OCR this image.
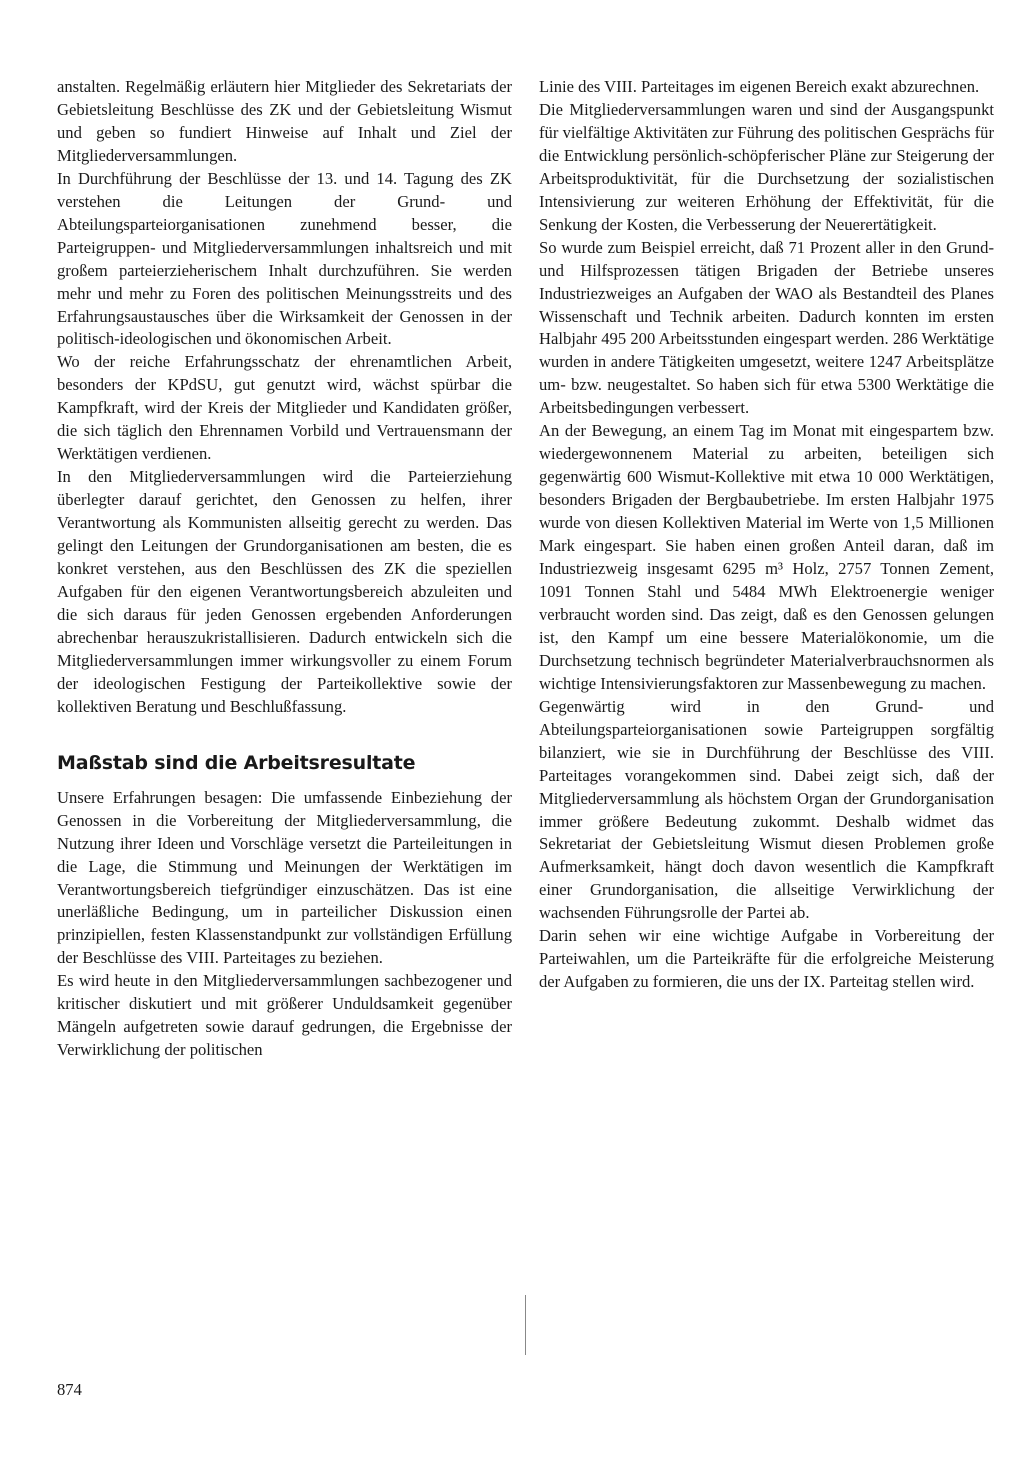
anstalten. Regelmäßig erläutern hier Mitglieder des Sekretariats der Gebietsleitung Beschlüsse des ZK und der Gebietsleitung Wismut und geben so fundiert Hinweise auf Inhalt und Ziel der Mitgliederversammlungen.

In Durchführung der Beschlüsse der 13. und 14. Tagung des ZK verstehen die Leitungen der Grund- und Abteilungsparteiorganisationen zunehmend besser, die Parteigruppen- und Mitgliederversammlungen inhaltsreich und mit großem parteierzieherischem Inhalt durchzuführen. Sie werden mehr und mehr zu Foren des politischen Meinungsstreits und des Erfahrungsaustausches über die Wirksamkeit der Genossen in der politisch-ideologischen und ökonomischen Arbeit.

Wo der reiche Erfahrungsschatz der ehrenamtlichen Arbeit, besonders der KPdSU, gut genutzt wird, wächst spürbar die Kampfkraft, wird der Kreis der Mitglieder und Kandidaten größer, die sich täglich den Ehrennamen Vorbild und Vertrauensmann der Werktätigen verdienen.

In den Mitgliederversammlungen wird die Parteierziehung überlegter darauf gerichtet, den Genossen zu helfen, ihrer Verantwortung als Kommunisten allseitig gerecht zu werden. Das gelingt den Leitungen der Grundorganisationen am besten, die es konkret verstehen, aus den Beschlüssen des ZK die speziellen Aufgaben für den eigenen Verantwortungsbereich abzuleiten und die sich daraus für jeden Genossen ergebenden Anforderungen abrechenbar herauszukristallisieren. Dadurch entwickeln sich die Mitgliederversammlungen immer wirkungsvoller zu einem Forum der ideologischen Festigung der Parteikollektive sowie der kollektiven Beratung und Beschlußfassung.

Maßstab sind die Arbeitsresultate

Unsere Erfahrungen besagen: Die umfassende Einbeziehung der Genossen in die Vorbereitung der Mitgliederversammlung, die Nutzung ihrer Ideen und Vorschläge versetzt die Parteileitungen in die Lage, die Stimmung und Meinungen der Werktätigen im Verantwortungsbereich tiefgründiger einzuschätzen. Das ist eine unerläßliche Bedingung, um in parteilicher Diskussion einen prinzipiellen, festen Klassenstandpunkt zur vollständigen Erfüllung der Beschlüsse des VIII. Parteitages zu beziehen.

Es wird heute in den Mitgliederversammlungen sachbezogener und kritischer diskutiert und mit größerer Unduldsamkeit gegenüber Mängeln aufgetreten sowie darauf gedrungen, die Ergebnisse der Verwirklichung der politischen

Linie des VIII. Parteitages im eigenen Bereich exakt abzurechnen.

Die Mitgliederversammlungen waren und sind der Ausgangspunkt für vielfältige Aktivitäten zur Führung des politischen Gesprächs für die Entwicklung persönlich-schöpferischer Pläne zur Steigerung der Arbeitsproduktivität, für die Durchsetzung der sozialistischen Intensivierung zur weiteren Erhöhung der Effektivität, für die Senkung der Kosten, die Verbesserung der Neuerertätigkeit.

So wurde zum Beispiel erreicht, daß 71 Prozent aller in den Grund- und Hilfsprozessen tätigen Brigaden der Betriebe unseres Industriezweiges an Aufgaben der WAO als Bestandteil des Planes Wissenschaft und Technik arbeiten. Dadurch konnten im ersten Halbjahr 495 200 Arbeitsstunden eingespart werden. 286 Werktätige wurden in andere Tätigkeiten umgesetzt, weitere 1247 Arbeitsplätze um- bzw. neugestaltet. So haben sich für etwa 5300 Werktätige die Arbeitsbedingungen verbessert.

An der Bewegung, an einem Tag im Monat mit eingespartem bzw. wiedergewonnenem Material zu arbeiten, beteiligen sich gegenwärtig 600 Wismut-Kollektive mit etwa 10 000 Werktätigen, besonders Brigaden der Bergbaubetriebe. Im ersten Halbjahr 1975 wurde von diesen Kollektiven Material im Werte von 1,5 Millionen Mark eingespart. Sie haben einen großen Anteil daran, daß im Industriezweig insgesamt 6295 m³ Holz, 2757 Tonnen Zement, 1091 Tonnen Stahl und 5484 MWh Elektroenergie weniger verbraucht worden sind. Das zeigt, daß es den Genossen gelungen ist, den Kampf um eine bessere Materialökonomie, um die Durchsetzung technisch begründeter Materialverbrauchsnormen als wichtige Intensivierungsfaktoren zur Massenbewegung zu machen.

Gegenwärtig wird in den Grund- und Abteilungsparteiorganisationen sowie Parteigruppen sorgfältig bilanziert, wie sie in Durchführung der Beschlüsse des VIII. Parteitages vorangekommen sind. Dabei zeigt sich, daß der Mitgliederversammlung als höchstem Organ der Grundorganisation immer größere Bedeutung zukommt. Deshalb widmet das Sekretariat der Gebietsleitung Wismut diesen Problemen große Aufmerksamkeit, hängt doch davon wesentlich die Kampfkraft einer Grundorganisation, die allseitige Verwirklichung der wachsenden Führungsrolle der Partei ab.

Darin sehen wir eine wichtige Aufgabe in Vorbereitung der Parteiwahlen, um die Parteikräfte für die erfolgreiche Meisterung der Aufgaben zu formieren, die uns der IX. Parteitag stellen wird.

874
